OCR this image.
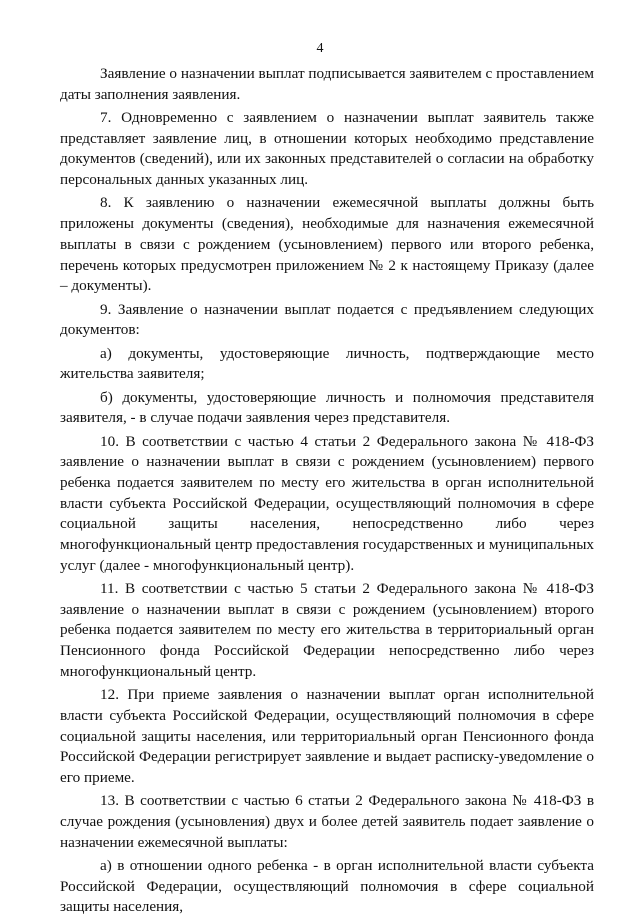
4

Заявление о назначении выплат подписывается заявителем с проставлением даты заполнения заявления.

7. Одновременно с заявлением о назначении выплат заявитель также представляет заявление лиц, в отношении которых необходимо представление документов (сведений), или их законных представителей о согласии на обработку персональных данных указанных лиц.

8. К заявлению о назначении ежемесячной выплаты должны быть приложены документы (сведения), необходимые для назначения ежемесячной выплаты в связи с рождением (усыновлением) первого или второго ребенка, перечень которых предусмотрен приложением № 2 к настоящему Приказу (далее – документы).

9. Заявление о назначении выплат подается с предъявлением следующих документов:

а) документы, удостоверяющие личность, подтверждающие место жительства заявителя;

б) документы, удостоверяющие личность и полномочия представителя заявителя, - в случае подачи заявления через представителя.

10. В соответствии с частью 4 статьи 2 Федерального закона № 418-ФЗ заявление о назначении выплат в связи с рождением (усыновлением) первого ребенка подается заявителем по месту его жительства в орган исполнительной власти субъекта Российской Федерации, осуществляющий полномочия в сфере социальной защиты населения, непосредственно либо через многофункциональный центр предоставления государственных и муниципальных услуг (далее - многофункциональный центр).

11. В соответствии с частью 5 статьи 2 Федерального закона № 418-ФЗ заявление о назначении выплат в связи с рождением (усыновлением) второго ребенка подается заявителем по месту его жительства в территориальный орган Пенсионного фонда Российской Федерации непосредственно либо через многофункциональный центр.

12. При приеме заявления о назначении выплат орган исполнительной власти субъекта Российской Федерации, осуществляющий полномочия в сфере социальной защиты населения, или территориальный орган Пенсионного фонда Российской Федерации регистрирует заявление и выдает расписку-уведомление о его приеме.

13. В соответствии с частью 6 статьи 2 Федерального закона № 418-ФЗ в случае рождения (усыновления) двух и более детей заявитель подает заявление о назначении ежемесячной выплаты:

а) в отношении одного ребенка - в орган исполнительной власти субъекта Российской Федерации, осуществляющий полномочия в сфере социальной защиты населения,
